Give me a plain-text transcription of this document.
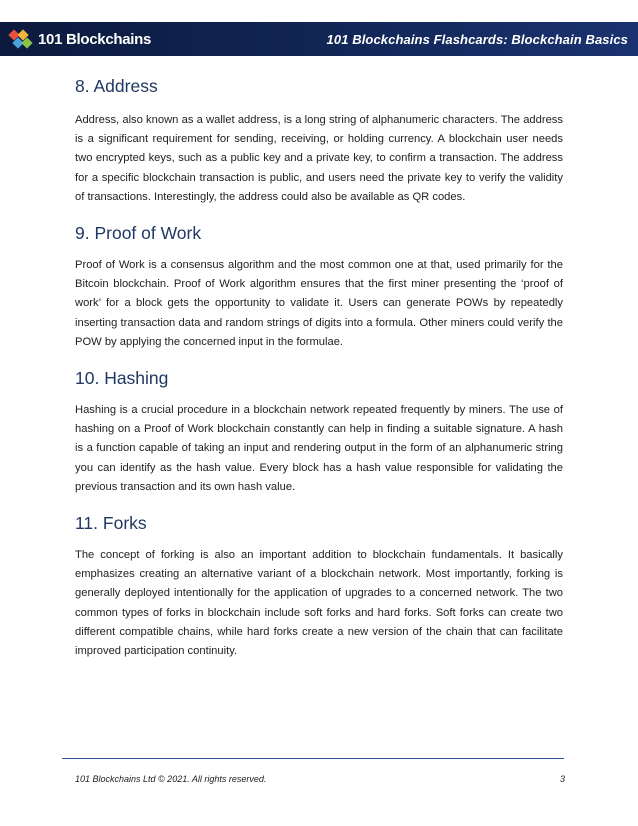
101 Blockchains	101 Blockchains Flashcards: Blockchain Basics
8. Address

Address, also known as a wallet address, is a long string of alphanumeric characters. The address is a significant requirement for sending, receiving, or holding currency. A blockchain user needs two encrypted keys, such as a public key and a private key, to confirm a transaction. The address for a specific blockchain transaction is public, and users need the private key to verify the validity of transactions. Interestingly, the address could also be available as QR codes.

9. Proof of Work

Proof of Work is a consensus algorithm and the most common one at that, used primarily for the Bitcoin blockchain. Proof of Work algorithm ensures that the first miner presenting the ‘proof of work’ for a block gets the opportunity to validate it. Users can generate POWs by repeatedly inserting transaction data and random strings of digits into a formula. Other miners could verify the POW by applying the concerned input in the formulae.

10. Hashing

Hashing is a crucial procedure in a blockchain network repeated frequently by miners. The use of hashing on a Proof of Work blockchain constantly can help in finding a suitable signature. A hash is a function capable of taking an input and rendering output in the form of an alphanumeric string you can identify as the hash value. Every block has a hash value responsible for validating the previous transaction and its own hash value.

11. Forks

The concept of forking is also an important addition to blockchain fundamentals. It basically emphasizes creating an alternative variant of a blockchain network. Most importantly, forking is generally deployed intentionally for the application of upgrades to a concerned network. The two common types of forks in blockchain include soft forks and hard forks. Soft forks can create two different compatible chains, while hard forks create a new version of the chain that can facilitate improved participation continuity.

101 Blockchains Ltd © 2021. All rights reserved.	3
